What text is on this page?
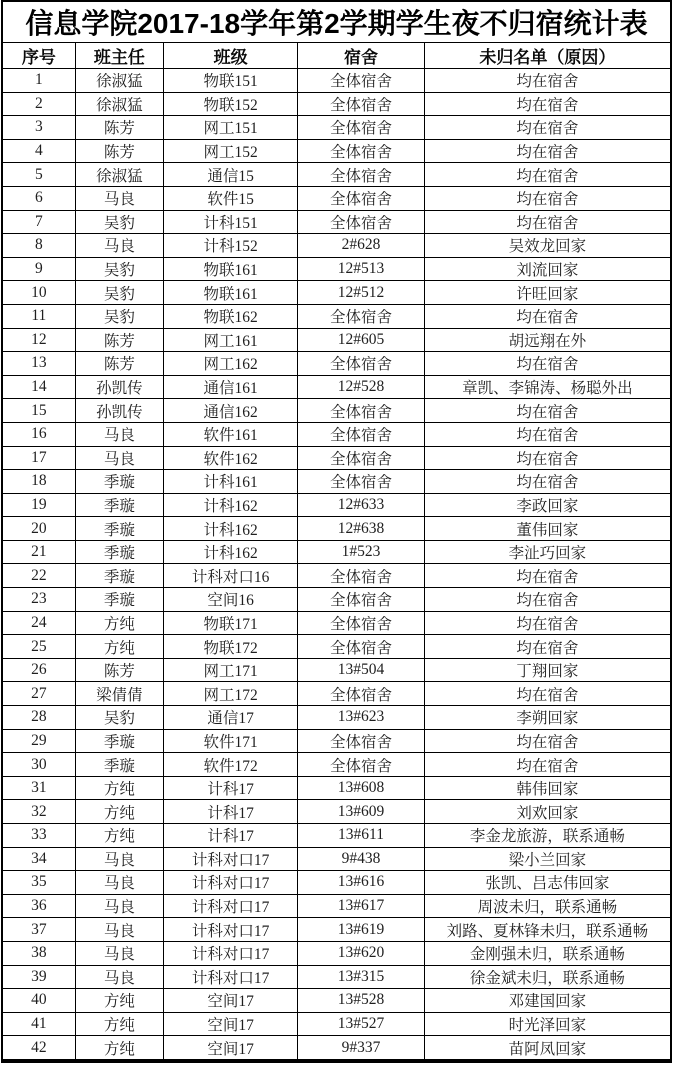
信息学院2017-18学年第2学期学生夜不归宿统计表				
序号	班主任	班级	宿舍	未归名单（原因）
1	徐淑猛	物联151	全体宿舍	均在宿舍
2	徐淑猛	物联152	全体宿舍	均在宿舍
3	陈芳	网工151	全体宿舍	均在宿舍
4	陈芳	网工152	全体宿舍	均在宿舍
5	徐淑猛	通信15	全体宿舍	均在宿舍
6	马良	软件15	全体宿舍	均在宿舍
7	吴豹	计科151	全体宿舍	均在宿舍
8	马良	计科152	2#628	吴效龙回家
9	吴豹	物联161	12#513	刘流回家
10	吴豹	物联161	12#512	许旺回家
11	吴豹	物联162	全体宿舍	均在宿舍
12	陈芳	网工161	12#605	胡远翔在外
13	陈芳	网工162	全体宿舍	均在宿舍
14	孙凯传	通信161	12#528	章凯、李锦涛、杨聪外出
15	孙凯传	通信162	全体宿舍	均在宿舍
16	马良	软件161	全体宿舍	均在宿舍
17	马良	软件162	全体宿舍	均在宿舍
18	季璇	计科161	全体宿舍	均在宿舍
19	季璇	计科162	12#633	李政回家
20	季璇	计科162	12#638	董伟回家
21	季璇	计科162	1#523	李沚巧回家
22	季璇	计科对口16	全体宿舍	均在宿舍
23	季璇	空间16	全体宿舍	均在宿舍
24	方纯	物联171	全体宿舍	均在宿舍
25	方纯	物联172	全体宿舍	均在宿舍
26	陈芳	网工171	13#504	丁翔回家
27	梁倩倩	网工172	全体宿舍	均在宿舍
28	吴豹	通信17	13#623	李朔回家
29	季璇	软件171	全体宿舍	均在宿舍
30	季璇	软件172	全体宿舍	均在宿舍
31	方纯	计科17	13#608	韩伟回家
32	方纯	计科17	13#609	刘欢回家
33	方纯	计科17	13#611	李金龙旅游，联系通畅
34	马良	计科对口17	9#438	梁小兰回家
35	马良	计科对口17	13#616	张凯、吕志伟回家
36	马良	计科对口17	13#617	周波未归，联系通畅
37	马良	计科对口17	13#619	刘路、夏林锋未归，联系通畅
38	马良	计科对口17	13#620	金刚强未归，联系通畅
39	马良	计科对口17	13#315	徐金斌未归，联系通畅
40	方纯	空间17	13#528	邓建国回家
41	方纯	空间17	13#527	时光泽回家
42	方纯	空间17	9#337	苗阿凤回家
